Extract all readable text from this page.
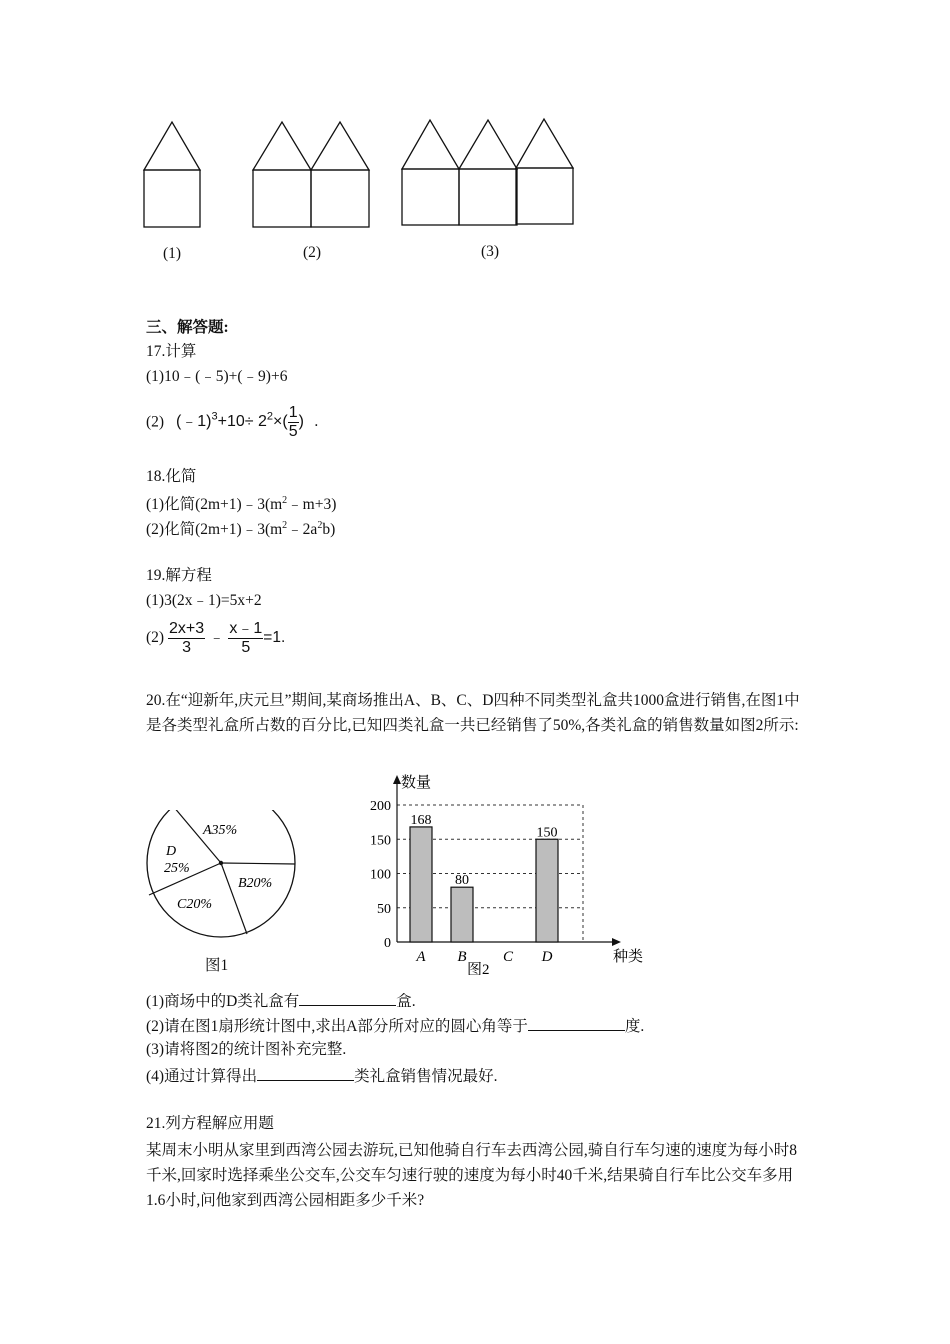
(1)	(2)	(3)
三、解答题:
17.计算
(1)10﹣(﹣5)+(﹣9)+6
(2) (﹣1)$^3$+10÷ $2^2\times( \frac{1}{5}$ ) .
18.化简
(1)化简$(2m+1)﹣3(m^2﹣m+3)$
(2)化简$(2m+1)﹣3(m^2﹣2a^2b)$
19.解方程
(1)3(2x﹣1)=5x+2
$(2) \frac{2x+3}{3}$ ﹣ $\frac{x﹣1}{5} =1$.
20.在“迎新年,庆元旦”期间,某商场推出A、B、C、D四种不同类型礼盒共1000盒进行销售,在图1中是各类型礼盒所占数的百分比,已知四类礼盒一共已经销售了50%,各类礼盒的销售数量如图2所示:
A35%
B20%
C20%
D 25%
图1
0
50
100
150
200
168
A
80
B C
150
D
数量
种类
图2
(1)商场中的D类礼盒有	盒.
(2)请在图1扇形统计图中,求出A部分所对应的圆心角等于	度.
(3)请将图2的统计图补充完整.
(4)通过计算得出	类礼盒销售情况最好.
21.列方程解应用题
某周末小明从家里到西湾公园去游玩,已知他骑自行车去西湾公园,骑自行车匀速的速度为每小时8千米,回家时选择乘坐公交车,公交车匀速行驶的速度为每小时40千米,结果骑自行车比公交车多用1.6小时,问他家到西湾公园相距多少千米?
